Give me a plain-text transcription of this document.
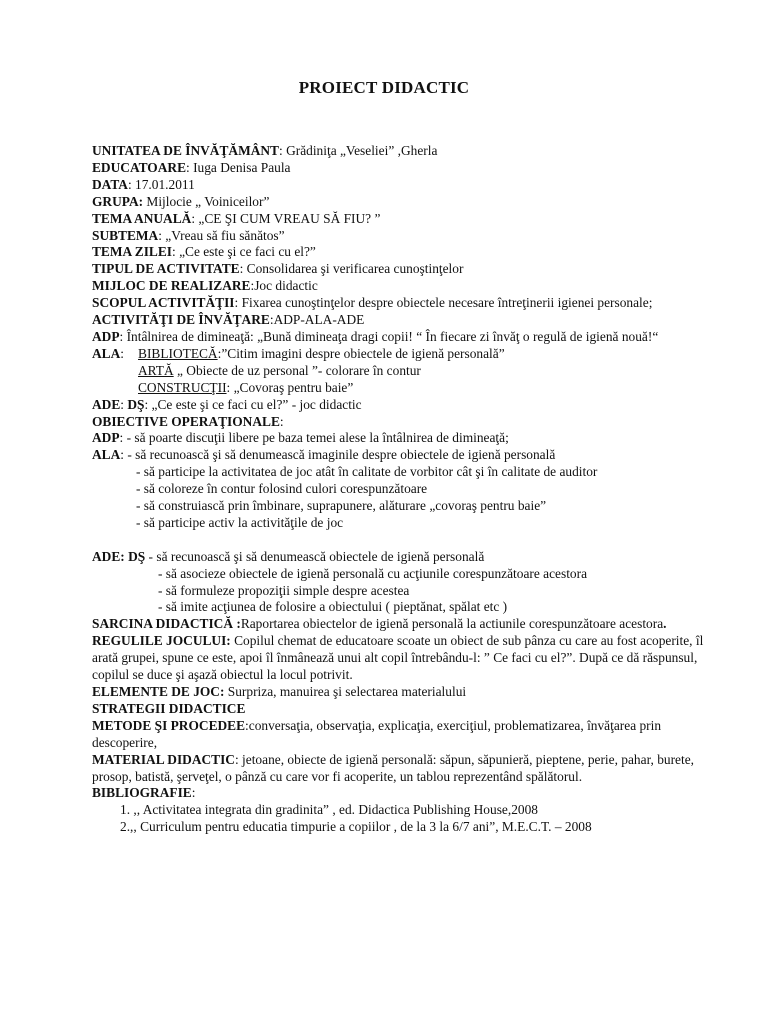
PROIECT DIDACTIC
UNITATEA DE ÎNVĂŢĂMÂNT: Grădiniţa „Veseliei” ,Gherla
EDUCATOARE: Iuga Denisa Paula
DATA: 17.01.2011
GRUPA: Mijlocie „ Voiniceilor”
TEMA ANUALĂ: „CE ŞI CUM VREAU SĂ FIU? ”
SUBTEMA: „Vreau să fiu sănătos”
TEMA ZILEI: „Ce este şi ce faci cu el?”
TIPUL DE ACTIVITATE: Consolidarea şi verificarea cunoştinţelor
MIJLOC DE REALIZARE:Joc didactic
SCOPUL ACTIVITĂŢII: Fixarea cunoştinţelor despre obiectele necesare întreţinerii igienei personale;
ACTIVITĂŢI DE ÎNVĂŢARE:ADP-ALA-ADE
ADP: Întâlnirea de dimineaţă: „Bună dimineaţa dragi copii! “ În fiecare zi învăţ o regulă de igienă nouă!“
ALA: BIBLIOTECĂ:”Citim imagini despre obiectele de igienă personală”
ARTĂ „ Obiecte de uz personal ”- colorare în contur
CONSTRUCŢII: „Covoraş pentru baie”
ADE: DŞ: „Ce este şi ce faci cu el?” - joc didactic
OBIECTIVE OPERAŢIONALE:
ADP: - să poarte discuţii libere pe baza temei alese la întâlnirea de dimineaţă;
ALA: - să recunoască şi să denumească imaginile despre obiectele de igienă personală
- să participe la activitatea de joc atât în calitate de vorbitor cât şi în calitate de auditor
- să coloreze în contur folosind culori corespunzătoare
- să construiască prin îmbinare, suprapunere, alăturare „covoraş pentru baie”
- să participe activ la activităţile de joc
ADE: DŞ - să recunoască şi să denumească obiectele de igienă personală
- să asocieze obiectele de igienă personală cu acţiunile corespunzătoare acestora
- să formuleze propoziţii simple despre acestea
- să imite acţiunea de folosire a obiectului ( pieptănat, spălat etc )
SARCINA DIDACTICĂ :Raportarea obiectelor de igienă personală la actiunile corespunzătoare acestora.
REGULILE JOCULUI: Copilul chemat de educatoare scoate un obiect de sub pânza cu care au fost acoperite, îl arată grupei, spune ce este, apoi îl înmânează unui alt copil întrebându-l: ” Ce faci cu el?”. După ce dă răspunsul, copilul se duce şi aşază obiectul la locul potrivit.
ELEMENTE DE JOC: Surpriza, manuirea şi selectarea materialului
STRATEGII DIDACTICE
METODE ŞI PROCEDEE:conversaţia, observaţia, explicaţia, exerciţiul, problematizarea, învăţarea prin descoperire,
MATERIAL DIDACTIC: jetoane, obiecte de igienă personală: săpun, săpunieră, pieptene, perie, pahar, burete, prosop, batistă, şerveţel, o pânză cu care vor fi acoperite, un tablou reprezentând spălătorul.
BIBLIOGRAFIE:
1. ,, Activitatea integrata din gradinita” , ed. Didactica Publishing House,2008
2.,, Curriculum pentru educatia timpurie a copiilor , de la 3 la 6/7 ani”, M.E.C.T. – 2008
